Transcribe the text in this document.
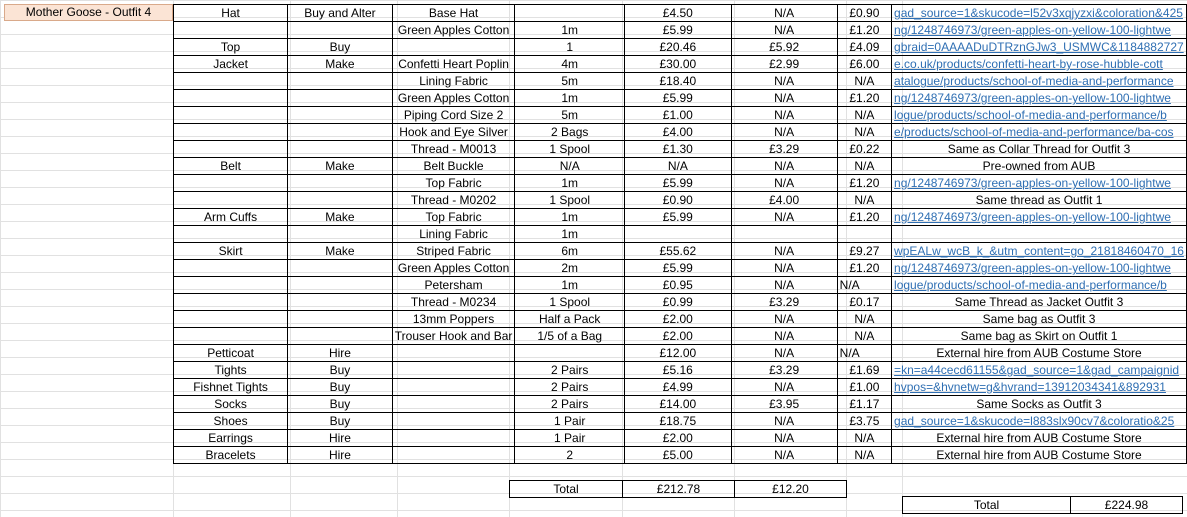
Mother Goose - Outfit 4	Hat	Buy and Alter	Base Hat		£4.50	N/A	£0.90	425&gad_source=1&skucode=l52v3xqjyzxi&coloration
		Green Apples Cotton	1m	£5.99	N/A	£1.20	ng/1248746973/green-apples-on-yellow-100-lightwe
Top	Buy		1	£20.46	£5.92	£4.09	1184882727&gbraid=0AAAADuDTRznGJw3_USMWC
Jacket	Make	Confetti Heart Poplin	4m	£30.00	£2.99	£6.00	e.co.uk/products/confetti-heart-by-rose-hubble-cott
		Lining Fabric	5m	£18.40	N/A	N/A	atalogue/products/school-of-media-and-performance
		Green Apples Cotton	1m	£5.99	N/A	£1.20	ng/1248746973/green-apples-on-yellow-100-lightwe
		Piping Cord Size 2	5m	£1.00	N/A	N/A	logue/products/school-of-media-and-performance/b
		Hook and Eye Silver	2 Bags	£4.00	N/A	N/A	e/products/school-of-media-and-performance/ba-cos
		Thread - M0013	1 Spool	£1.30	£3.29	£0.22	Same as Collar Thread for Outfit 3
Belt	Make	Belt Buckle	N/A	N/A	N/A	N/A	Pre-owned from AUB
		Top Fabric	1m	£5.99	N/A	£1.20	ng/1248746973/green-apples-on-yellow-100-lightwe
		Thread - M0202	1 Spool	£0.90	£4.00	N/A	Same thread as Outfit 1
Arm Cuffs	Make	Top Fabric	1m	£5.99	N/A	£1.20	ng/1248746973/green-apples-on-yellow-100-lightwe
		Lining Fabric	1m				
Skirt	Make	Striped Fabric	6m	£55.62	N/A	£9.27	wpEALw_wcB_k_&utm_content=go_21818460470_16
		Green Apples Cotton	2m	£5.99	N/A	£1.20	ng/1248746973/green-apples-on-yellow-100-lightwe
		Petersham	1m	£0.95	N/A	N/A	logue/products/school-of-media-and-performance/b
		Thread - M0234	1 Spool	£0.99	£3.29	£0.17	Same Thread as Jacket Outfit 3
		13mm Poppers	Half a Pack	£2.00	N/A	N/A	Same bag as Outfit 3
		Trouser Hook and Bar	1/5 of a Bag	£2.00	N/A	N/A	Same bag as Skirt on Outfit 1
Petticoat	Hire			£12.00	N/A	N/A	External hire from AUB Costume Store
Tights	Buy		2 Pairs	£5.16	£3.29	£1.69	kn=a44cecd61155&gad_source=1&gad_campaignid=
Fishnet Tights	Buy		2 Pairs	£4.99	N/A	£1.00	892931&hvpos=&hvnetw=g&hvrand=13912034341
Socks	Buy		2 Pairs	£14.00	£3.95	£1.17	Same Socks as Outfit 3
Shoes	Buy		1 Pair	£18.75	N/A	£3.75	25&gad_source=1&skucode=l883slx90cv7&coloratio
Earrings	Hire		1 Pair	£2.00	N/A	N/A	External hire from AUB Costume Store
Bracelets	Hire		2	£5.00	N/A	N/A	External hire from AUB Costume Store
Total	£212.78	£12.20
Total	£224.98
